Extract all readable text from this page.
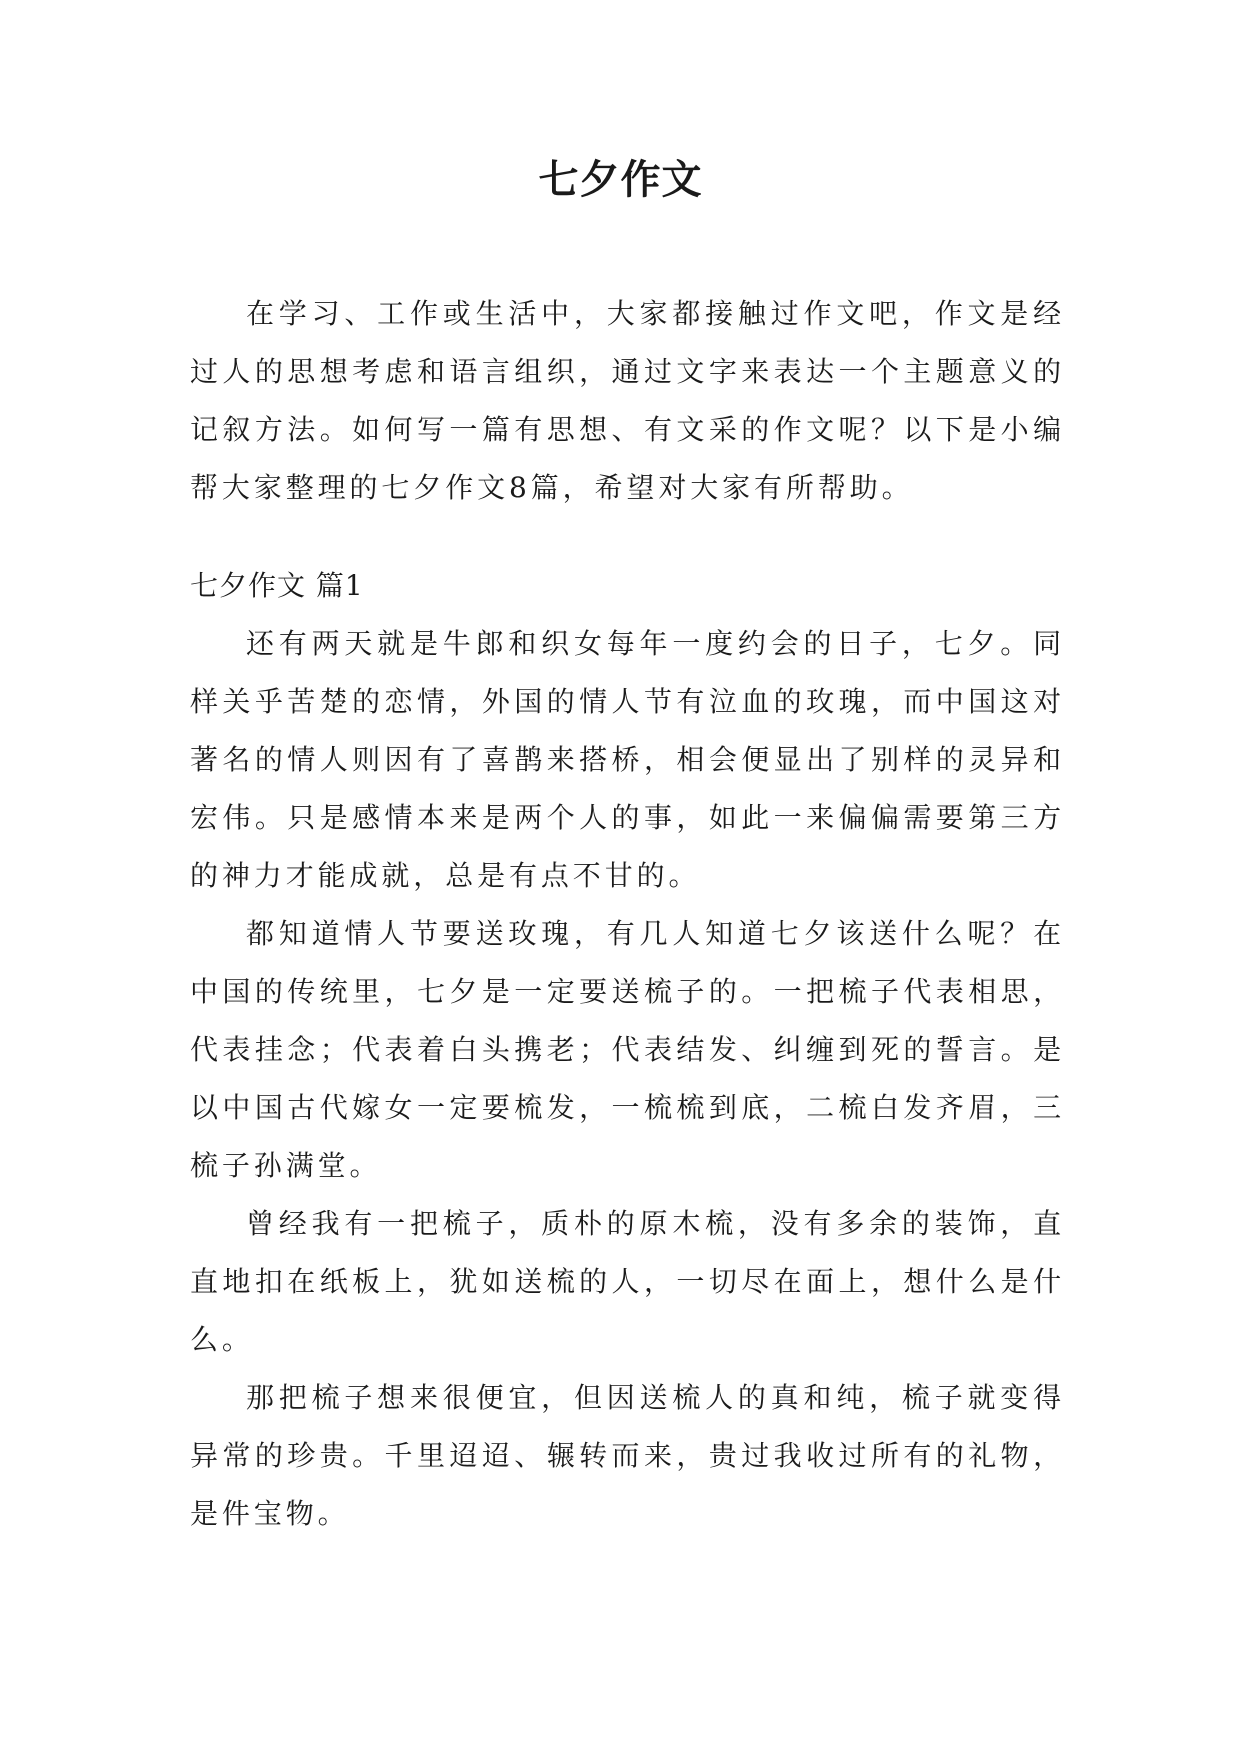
七夕作文

在学习、工作或生活中，大家都接触过作文吧，作文是经过人的思想考虑和语言组织，通过文字来表达一个主题意义的记叙方法。如何写一篇有思想、有文采的作文呢？以下是小编帮大家整理的七夕作文8篇，希望对大家有所帮助。

七夕作文 篇1

还有两天就是牛郎和织女每年一度约会的日子，七夕。同样关乎苦楚的恋情，外国的情人节有泣血的玫瑰，而中国这对著名的情人则因有了喜鹊来搭桥，相会便显出了别样的灵异和宏伟。只是感情本来是两个人的事，如此一来偏偏需要第三方的神力才能成就，总是有点不甘的。

都知道情人节要送玫瑰，有几人知道七夕该送什么呢？在中国的传统里，七夕是一定要送梳子的。一把梳子代表相思，代表挂念；代表着白头携老；代表结发、纠缠到死的誓言。是以中国古代嫁女一定要梳发，一梳梳到底，二梳白发齐眉，三梳子孙满堂。

曾经我有一把梳子，质朴的原木梳，没有多余的装饰，直直地扣在纸板上，犹如送梳的人，一切尽在面上，想什么是什么。

那把梳子想来很便宜，但因送梳人的真和纯，梳子就变得异常的珍贵。千里迢迢、辗转而来，贵过我收过所有的礼物，是件宝物。
